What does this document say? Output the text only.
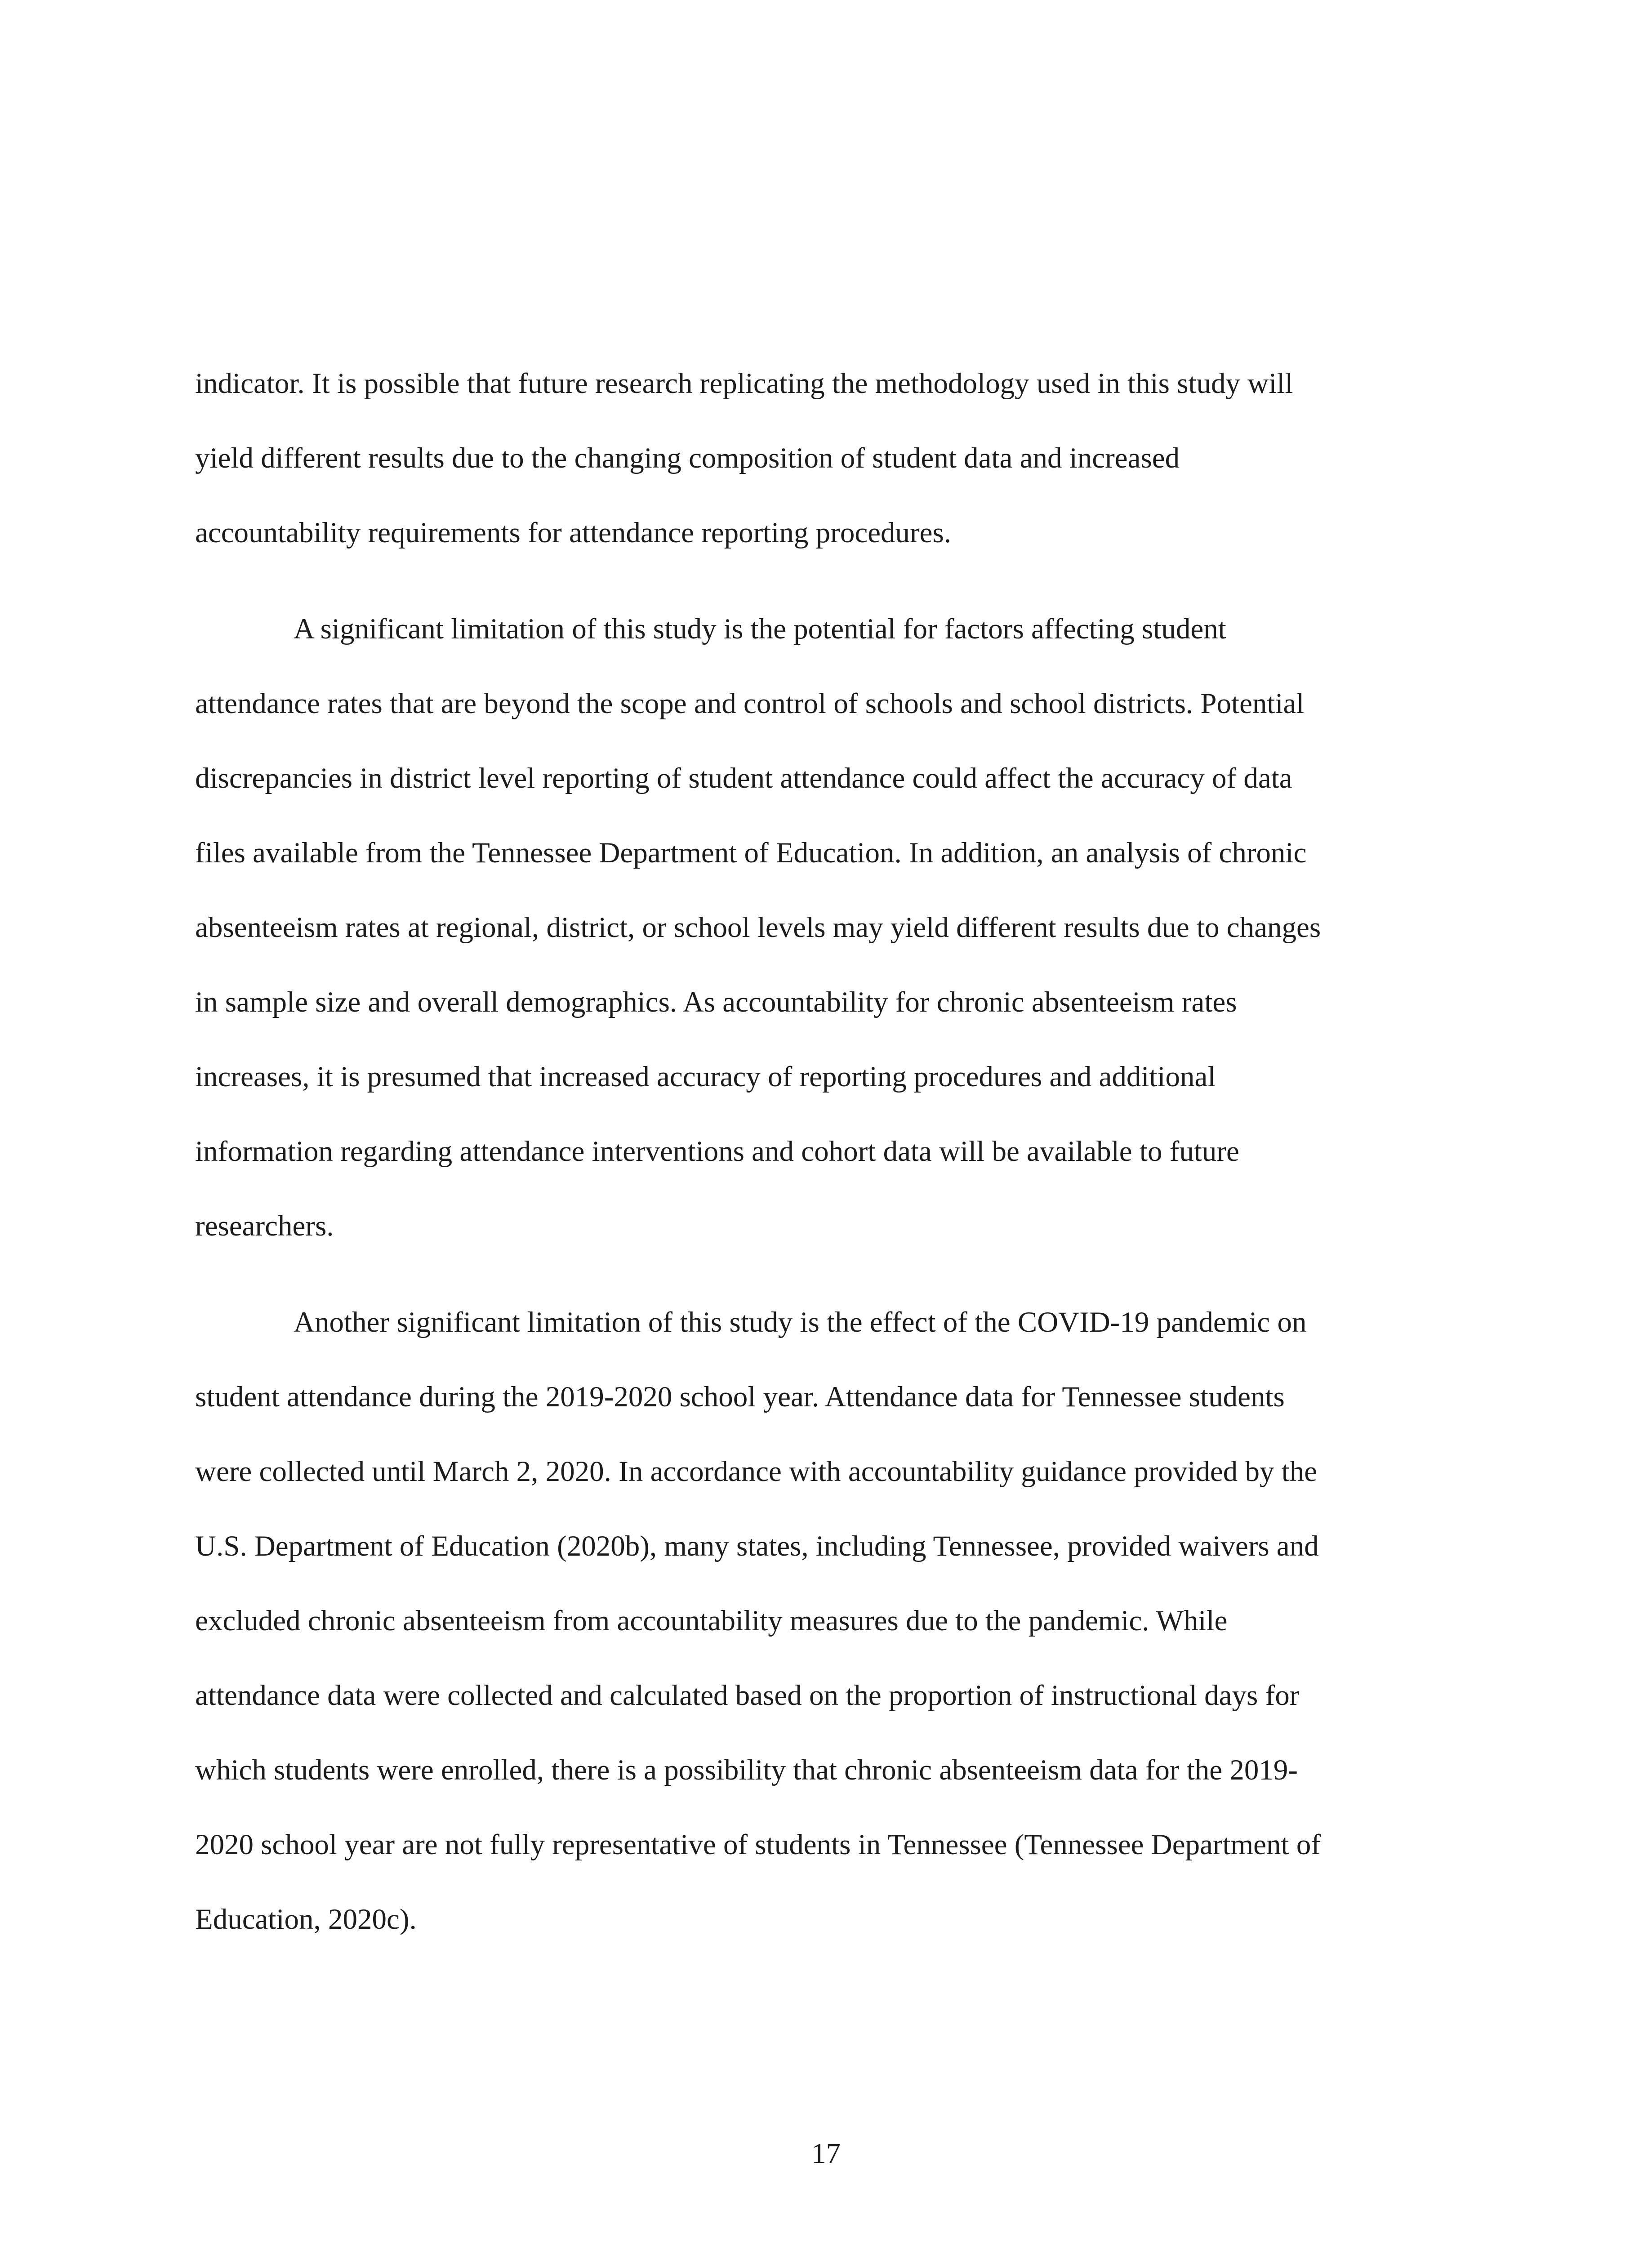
indicator. It is possible that future research replicating the methodology used in this study will
yield different results due to the changing composition of student data and increased
accountability requirements for attendance reporting procedures.
A significant limitation of this study is the potential for factors affecting student
attendance rates that are beyond the scope and control of schools and school districts. Potential
discrepancies in district level reporting of student attendance could affect the accuracy of data
files available from the Tennessee Department of Education. In addition, an analysis of chronic
absenteeism rates at regional, district, or school levels may yield different results due to changes
in sample size and overall demographics. As accountability for chronic absenteeism rates
increases, it is presumed that increased accuracy of reporting procedures and additional
information regarding attendance interventions and cohort data will be available to future
researchers.
Another significant limitation of this study is the effect of the COVID-19 pandemic on
student attendance during the 2019-2020 school year. Attendance data for Tennessee students
were collected until March 2, 2020. In accordance with accountability guidance provided by the
U.S. Department of Education (2020b), many states, including Tennessee, provided waivers and
excluded chronic absenteeism from accountability measures due to the pandemic. While
attendance data were collected and calculated based on the proportion of instructional days for
which students were enrolled, there is a possibility that chronic absenteeism data for the 2019-
2020 school year are not fully representative of students in Tennessee (Tennessee Department of
Education, 2020c).
17
